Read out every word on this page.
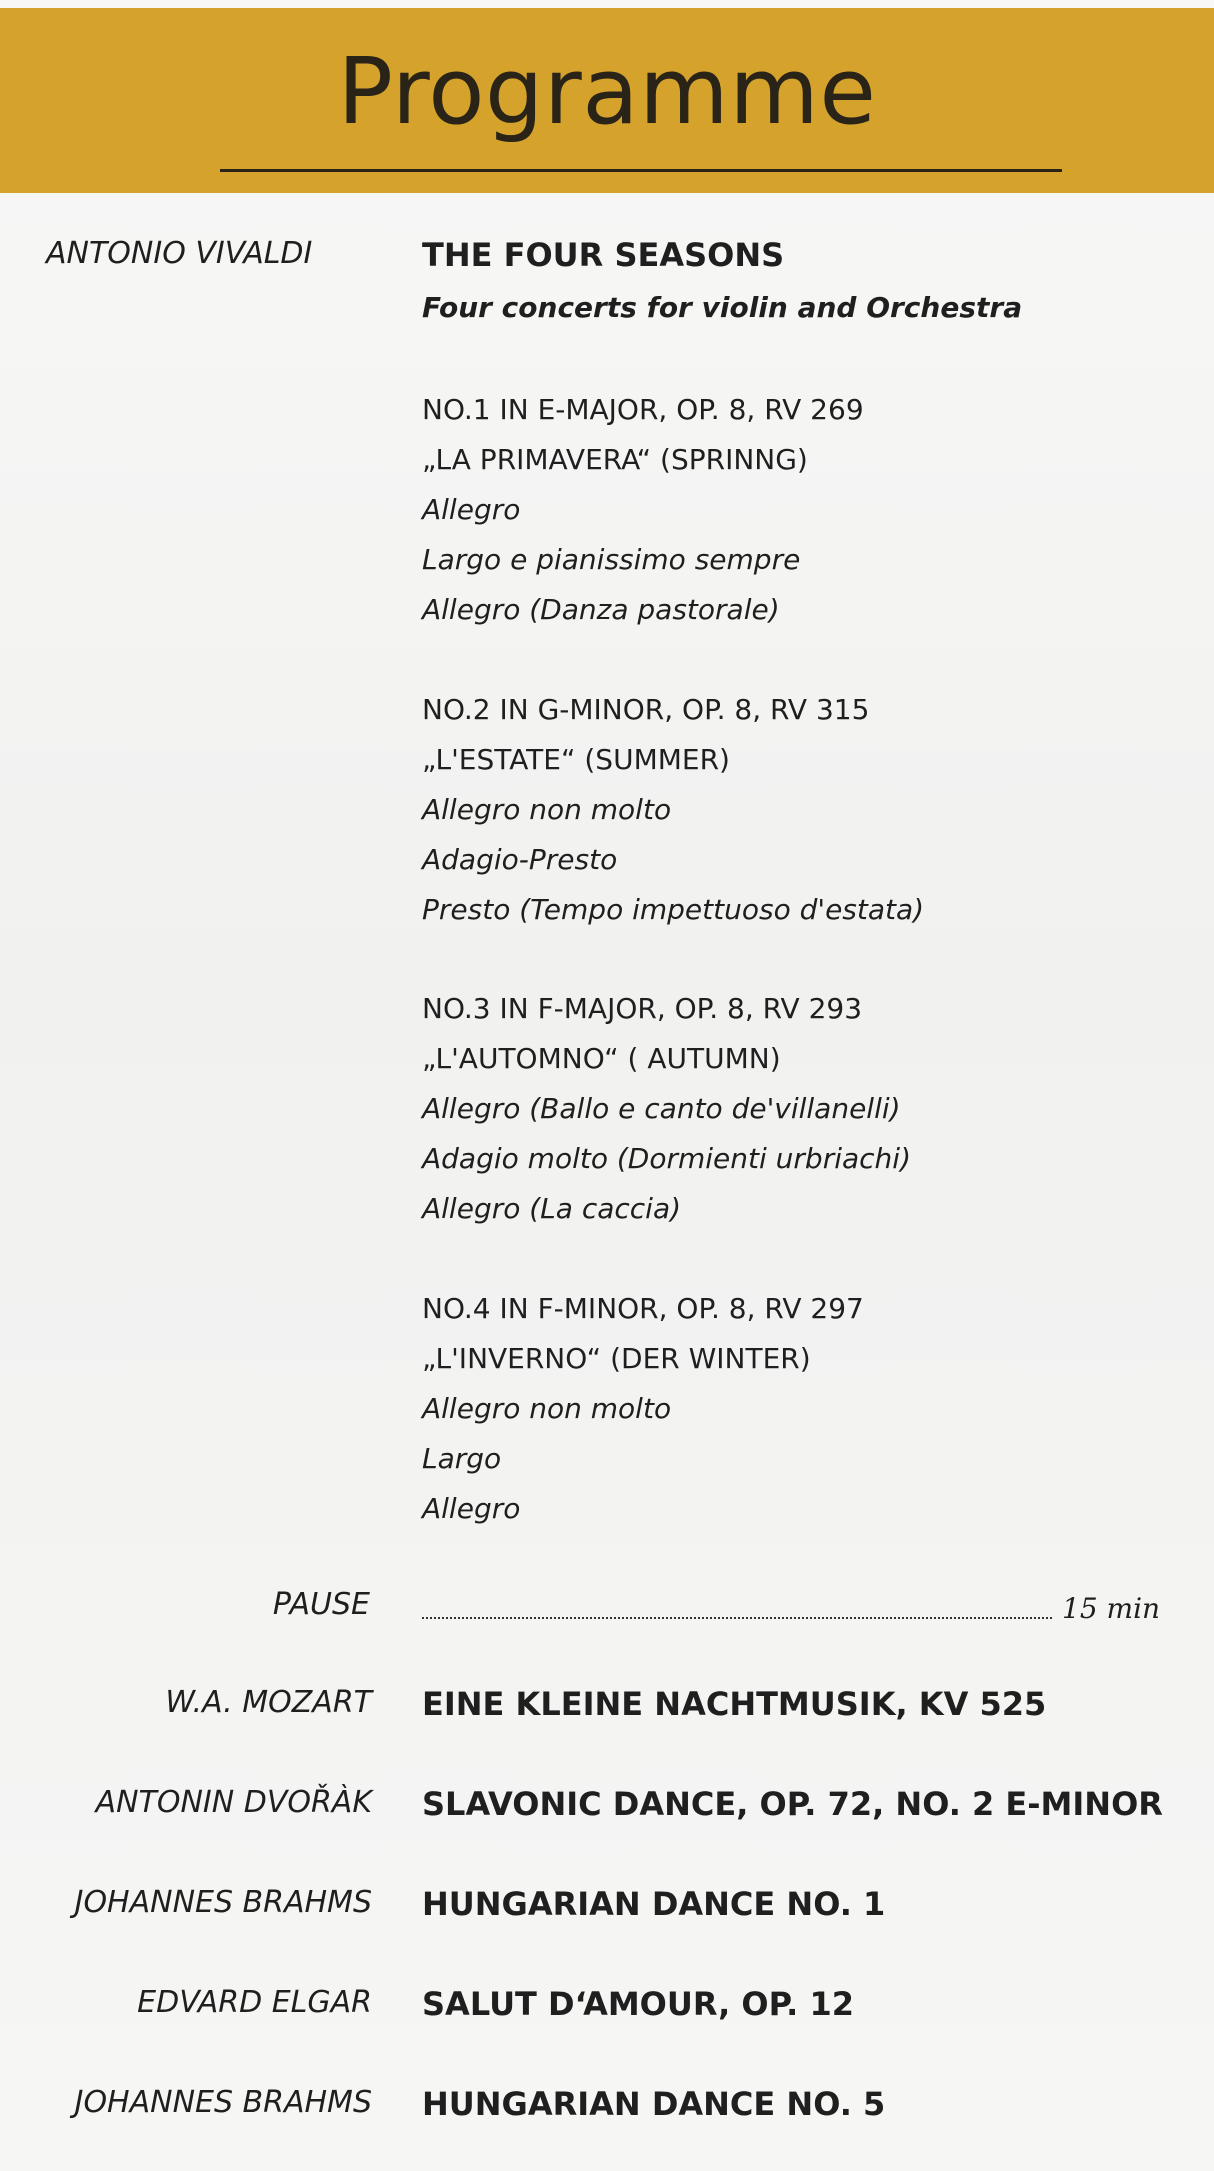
Programme
ANTONIO VIVALDI	THE FOUR SEASONS
Four concerts for violin and Orchestra
NO.1 IN E-MAJOR, OP. 8, RV 269
„LA PRIMAVERA“ (SPRINNG)
Allegro
Largo e pianissimo sempre
Allegro (Danza pastorale)
NO.2 IN G-MINOR, OP. 8, RV 315
„L'ESTATE“ (SUMMER)
Allegro non molto
Adagio-Presto
Presto (Tempo impettuoso d'estata)
NO.3 IN F-MAJOR, OP. 8, RV 293
„L'AUTOMNO“ ( AUTUMN)
Allegro (Ballo e canto de'villanelli)
Adagio molto (Dormienti urbriachi)
Allegro (La caccia)
NO.4 IN F-MINOR, OP. 8, RV 297
„L'INVERNO“ (DER WINTER)
Allegro non molto
Largo
Allegro
PAUSE	15 min
W.A. MOZART EINE KLEINE NACHTMUSIK, KV 525
ANTONIN DVOŘÀK SLAVONIC DANCE, OP. 72, NO. 2 E-MINOR
JOHANNES BRAHMS HUNGARIAN DANCE NO. 1
EDVARD ELGAR SALUT D‘AMOUR, OP. 12
JOHANNES BRAHMS HUNGARIAN DANCE NO. 5
